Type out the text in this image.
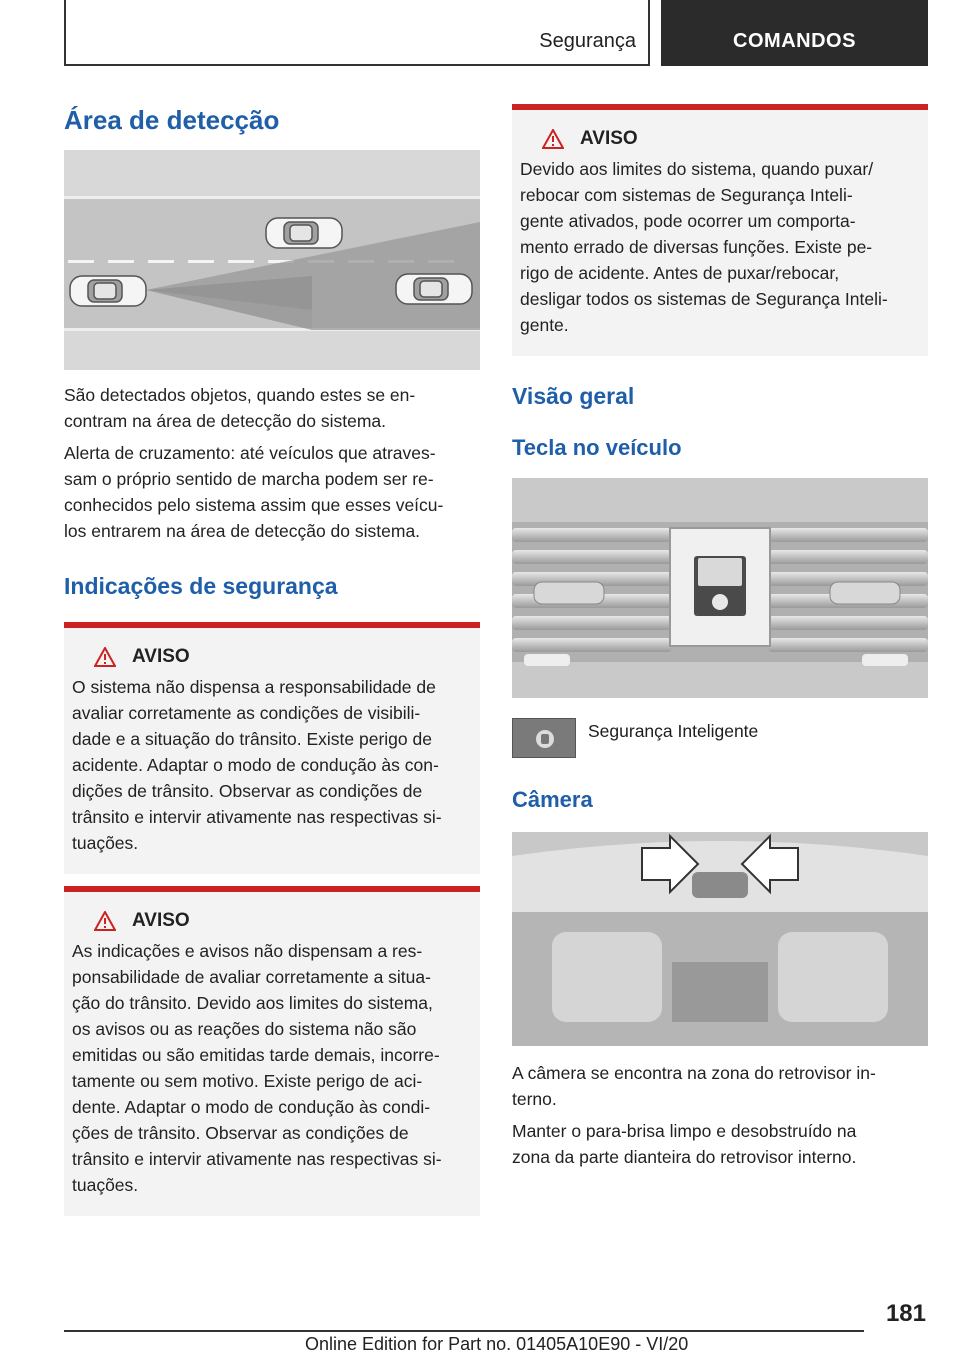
Segurança	COMANDOS
Área de detecção
São detectados objetos, quando estes se en-
contram na área de detecção do sistema.
Alerta de cruzamento: até veículos que atraves-
sam o próprio sentido de marcha podem ser re-
conhecidos pelo sistema assim que esses veícu-
los entrarem na área de detecção do sistema.
Indicações de segurança
AVISO
O sistema não dispensa a responsabilidade de
avaliar corretamente as condições de visibili-
dade e a situação do trânsito. Existe perigo de
acidente. Adaptar o modo de condução às con-
dições de trânsito. Observar as condições de
trânsito e intervir ativamente nas respectivas si-
tuações.
AVISO
As indicações e avisos não dispensam a res-
ponsabilidade de avaliar corretamente a situa-
ção do trânsito. Devido aos limites do sistema,
os avisos ou as reações do sistema não são
emitidas ou são emitidas tarde demais, incorre-
tamente ou sem motivo. Existe perigo de aci-
dente. Adaptar o modo de condução às condi-
ções de trânsito. Observar as condições de
trânsito e intervir ativamente nas respectivas si-
tuações.
AVISO
Devido aos limites do sistema, quando puxar/
rebocar com sistemas de Segurança Inteli-
gente ativados, pode ocorrer um comporta-
mento errado de diversas funções. Existe pe-
rigo de acidente. Antes de puxar/rebocar,
desligar todos os sistemas de Segurança Inteli-
gente.
Visão geral
Tecla no veículo
Segurança Inteligente
Câmera
A câmera se encontra na zona do retrovisor in-
terno.
Manter o para-brisa limpo e desobstruído na
zona da parte dianteira do retrovisor interno.
181
Online Edition for Part no. 01405A10E90 - VI/20
